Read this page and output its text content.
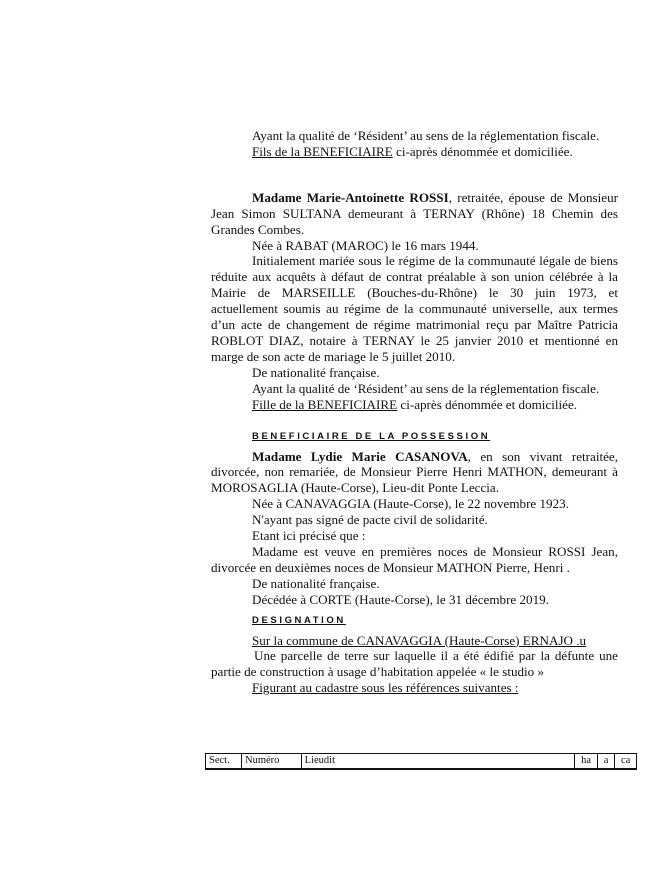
Ayant la qualité de ‘Résident’ au sens de la réglementation fiscale.

Fils de la BENEFICIAIRE ci-après dénommée et domiciliée.

Madame Marie-Antoinette ROSSI, retraitée, épouse de Monsieur Jean Simon SULTANA demeurant à TERNAY (Rhône) 18 Chemin des Grandes Combes.

Née à RABAT (MAROC) le 16 mars 1944.

Initialement mariée sous le régime de la communauté légale de biens réduite aux acquêts à défaut de contrat préalable à son union célébrée à la Mairie de MARSEILLE (Bouches-du-Rhône) le 30 juin 1973, et actuellement soumis au régime de la communauté universelle, aux termes d’un acte de changement de régime matrimonial reçu par Maître Patricia ROBLOT DIAZ, notaire à TERNAY le 25 janvier 2010 et mentionné en marge de son acte de mariage le 5 juillet 2010.

De nationalité française.

Ayant la qualité de ‘Résident’ au sens de la réglementation fiscale.

Fille de la BENEFICIAIRE ci-après dénommée et domiciliée.

BENEFICIAIRE DE LA POSSESSION

Madame Lydie Marie CASANOVA, en son vivant retraitée, divorcée, non remariée, de Monsieur Pierre Henri MATHON, demeurant à MOROSAGLIA (Haute-Corse), Lieu-dit Ponte Leccia.

Née à CANAVAGGIA (Haute-Corse), le 22 novembre 1923.

N'ayant pas signé de pacte civil de solidarité.

Etant ici précisé que :

Madame est veuve en premières noces de Monsieur ROSSI Jean, divorcée en deuxièmes noces de Monsieur MATHON Pierre, Henri .

De nationalité française.

Décédée à CORTE (Haute-Corse), le 31 décembre 2019.

DESIGNATION

Sur la commune de CANAVAGGIA (Haute-Corse) ERNAJO .u

Une parcelle de terre sur laquelle il a été édifié par la défunte une partie de construction à usage d’habitation appelée « le studio »

Figurant au cadastre sous les références suivantes :

Sect.	Numéro	Lieudit	ha	a	ca
